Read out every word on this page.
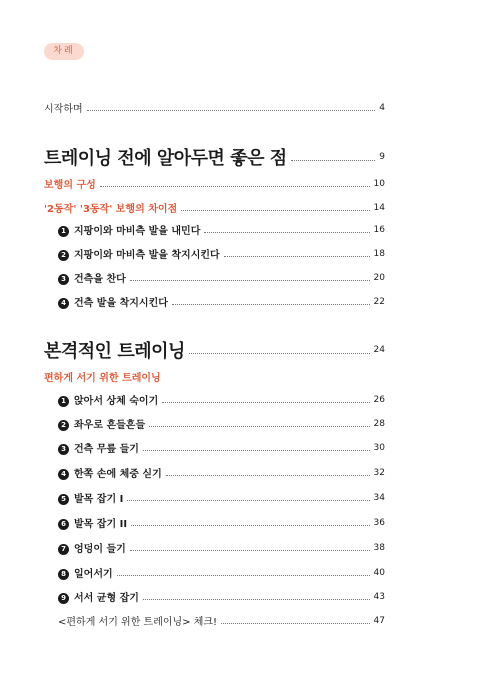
차례
시작하며	4
트레이닝 전에 알아두면 좋은 점	9
보행의 구성	10
'2동작' '3동작' 보행의 차이점	14
1 지팡이와 마비측 발을 내민다	16
2 지팡이와 마비측 발을 착지시킨다	18
3 건측을 찬다	20
4 건측 발을 착지시킨다	22
본격적인 트레이닝	24
편하게 서기 위한 트레이닝
1 앉아서 상체 숙이기	26
2 좌우로 흔들흔들	28
3 건측 무릎 들기	30
4 한쪽 손에 체중 싣기	32
5 발목 잡기 I	34
6 발목 잡기 II	36
7 엉덩이 들기	38
8 일어서기	40
9 서서 균형 잡기	43
<편하게 서기 위한 트레이닝> 체크!	47
